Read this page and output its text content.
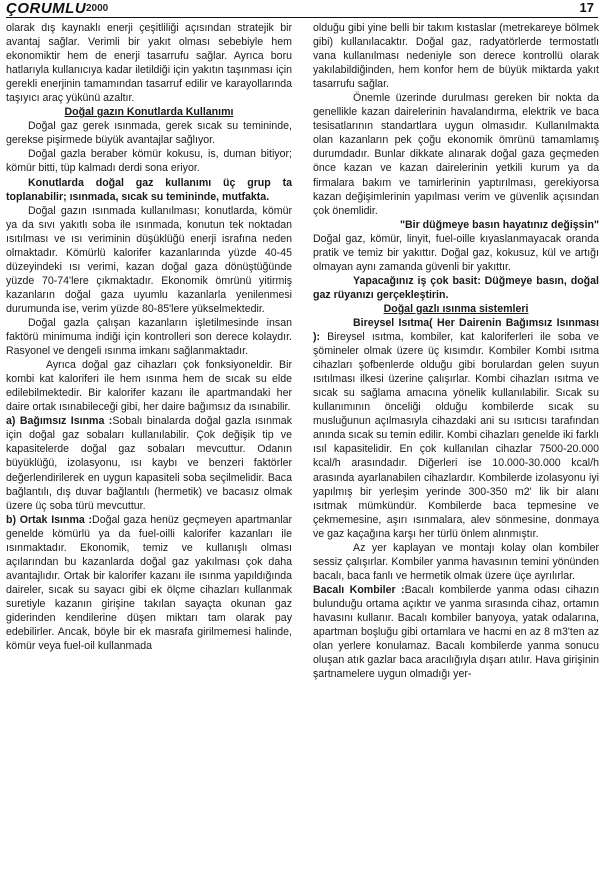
ÇORUMLU 2000	17

olarak dış kaynaklı enerji çeşitliliği açısından stratejik bir avantaj sağlar. Verimli bir yakıt olması sebebiyle hem ekonomiktir hem de enerji tasarrufu sağlar. Ayrıca boru hatlarıyla kullanıcıya kadar iletildiği için yakıtın taşınması için gerekli enerjinin tamamından tasarruf edilir ve karayollarında taşıyıcı araç yükünü azaltır.

Doğal gazın Konutlarda Kullanımı

Doğal gaz gerek ısınmada, gerek sıcak su temininde, gerekse pişirmede büyük avantajlar sağlıyor.

Doğal gazla beraber kömür kokusu, is, duman bitiyor; kömür bitti, tüp kalmadı derdi sona eriyor.

Konutlarda doğal gaz kullanımı üç grup ta toplanabilir; ısınmada, sıcak su temininde, mutfakta.

Doğal gazın ısınmada kullanılması; konutlarda, kömür ya da sıvı yakıtlı soba ile ısınmada, konutun tek noktadan ısıtılması ve ısı veriminin düşüklüğü enerji israfına neden olmaktadır. Kömürlü kalorifer kazanlarında yüzde 40-45 düzeyindeki ısı verimi, kazan doğal gaza dönüştüğünde yüzde 70-74'lere çıkmaktadır. Ekonomik ömrünü yitirmiş kazanların doğal gaza uyumlu kazanlarla yenilenmesi durumunda ise, verim yüzde 80-85'lere yükselmektedir.

Doğal gazla çalışan kazanların işletilmesinde insan faktörü minimuma indiği için kontrolleri son derece kolaydır. Rasyonel ve dengeli ısınma imkanı sağlanmaktadır.

Ayrıca doğal gaz cihazları çok fonksiyoneldir. Bir kombi kat kaloriferi ile hem ısınma hem de sıcak su elde edilebilmektedir. Bir kalorifer kazanı ile apartmandaki her daire ortak ısınabileceği gibi, her daire bağımsız da ısınabilir.

a) Bağımsız Isınma :Sobalı binalarda doğal gazla ısınmak için doğal gaz sobaları kullanılabilir. Çok değişik tip ve kapasitelerde doğal gaz sobaları mevcuttur. Odanın büyüklüğü, izolasyonu, ısı kaybı ve benzeri faktörler değerlendirilerek en uygun kapasiteli soba seçilmelidir. Baca bağlantılı, dış duvar bağlantılı (hermetik) ve bacasız olmak üzere üç soba türü mevcuttur.

b) Ortak Isınma :Doğal gaza henüz geçmeyen apartmanlar genelde kömürlü ya da fuel-oilli kalorifer kazanları ile ısınmaktadır. Ekonomik, temiz ve kullanışlı olması açılarından bu kazanlarda doğal gaz yakılması çok daha avantajlıdır. Ortak bir kalorifer kazanı ile ısınma yapıldığında daireler, sıcak su sayacı gibi ek ölçme cihazları kullanmak suretiyle kazanın girişine takılan sayaçta okunan gaz giderinden kendilerine düşen miktarı tam olarak pay edebilirler. Ancak, böyle bir ek masrafa girilmemesi halinde, kömür veya fuel-oil kullanmada

olduğu gibi yine belli bir takım kıstaslar (metrekareye bölmek gibi) kullanılacaktır. Doğal gaz, radyatörlerde termostatlı vana kullanılması nedeniyle son derece kontrollü olarak yakılabildiğinden, hem konfor hem de büyük miktarda yakıt tasarrufu sağlar.

Önemle üzerinde durulması gereken bir nokta da genellikle kazan dairelerinin havalandırma, elektrik ve baca tesisatlarının standartlara uygun olmasıdır. Kullanılmakta olan kazanların pek çoğu ekonomik ömrünü tamamlamış durumdadır. Bunlar dikkate alınarak doğal gaza geçmeden önce kazan ve kazan dairelerinin yetkili kurum ya da firmalara bakım ve tamirlerinin yaptırılması, gerekiyorsa kazan değişimlerinin yapılması verim ve güvenlik açısından çok önemlidir.

"Bir düğmeye basın hayatınız değişsin"

Doğal gaz, kömür, linyit, fuel-oille kıyaslanmayacak oranda pratik ve temiz bir yakıttır. Doğal gaz, kokusuz, kül ve artığı olmayan aynı zamanda güvenli bir yakıttır.

Yapacağınız iş çok basit: Düğmeye basın, doğal gaz rüyanızı gerçekleştirin.

Doğal gazlı ısınma sistemleri

Bireysel Isıtma( Her Dairenin Bağımsız Isınması ): Bireysel ısıtma, kombiler, kat kaloriferleri ile soba ve şömineler olmak üzere üç kısımdır. Kombiler Kombi ısıtma cihazları şofbenlerde olduğu gibi borulardan gelen suyun ısıtılması ilkesi üzerine çalışırlar. Kombi cihazları ısıtma ve sıcak su sağlama amacına yönelik kullanılabilir. Sıcak su kullanımının önceliği olduğu kombilerde sıcak su musluğunun açılmasıyla cihazdaki ani su ısıtıcısı tarafından anında sıcak su temin edilir. Kombi cihazları genelde iki farklı ısıl kapasitelidir. En çok kullanılan cihazlar 7500-20.000 kcal/h arasındadır. Diğerleri ise 10.000-30.000 kcal/h arasında ayarlanabilen cihazlardır. Kombilerde izolasyonu iyi yapılmış bir yerleşim yerinde 300-350 m2' lik bir alanı ısıtmak mümkündür. Kombilerde baca tepmesine ve çekmemesine, aşırı ısınmalara, alev sönmesine, donmaya ve gaz kaçağına karşı her türlü önlem alınmıştır.

Az yer kaplayan ve montajı kolay olan kombiler sessiz çalışırlar. Kombiler yanma havasının temini yönünden bacalı, baca fanlı ve hermetik olmak üzere üçe ayrılırlar.

Bacalı Kombiler :Bacalı kombilerde yanma odası cihazın bulunduğu ortama açıktır ve yanma sırasında cihaz, ortamın havasını kullanır. Bacalı kombiler banyoya, yatak odalarına, apartman boşluğu gibi ortamlara ve hacmi en az 8 m3'ten az olan yerlere konulamaz. Bacalı kombilerde yanma sonucu oluşan atık gazlar baca aracılığıyla dışarı atılır. Hava girişinin şartnamelere uygun olmadığı yer-
